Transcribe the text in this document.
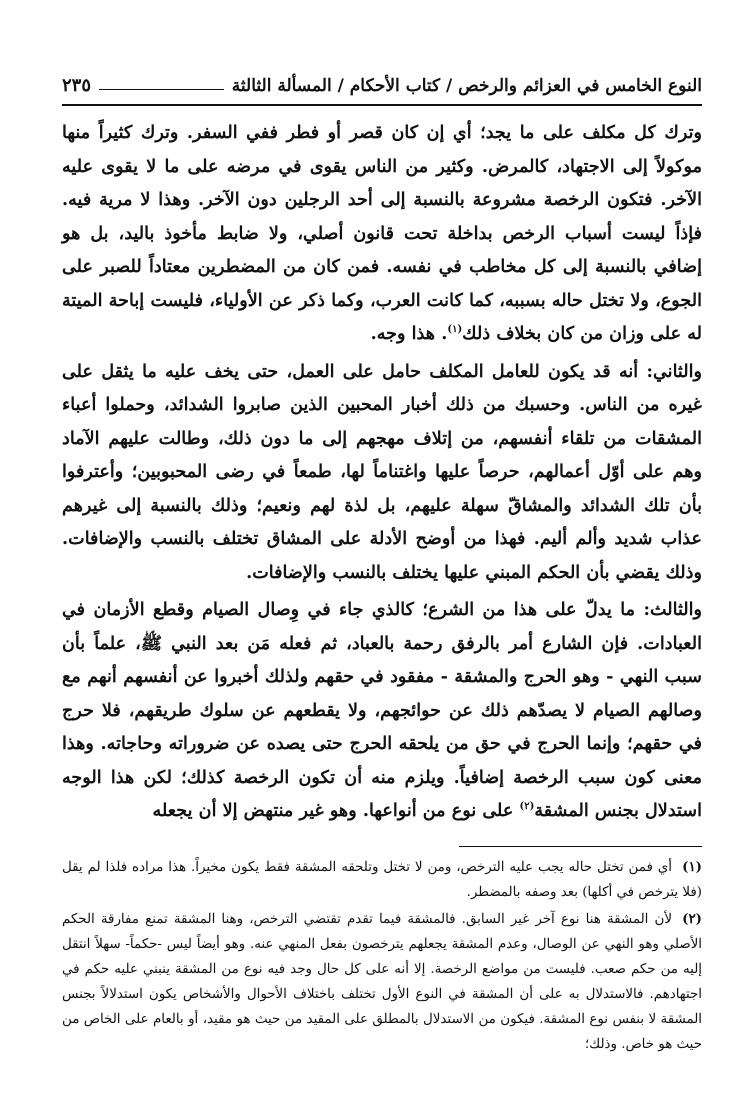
النوع الخامس في العزائم والرخص / كتاب الأحكام / المسألة الثالثة
٢٣٥

وترك كل مكلف على ما يجد؛ أي إن كان قصر أو فطر ففي السفر. وترك كثيراً منها موكولاً إلى الاجتهاد، كالمرض. وكثير من الناس يقوى في مرضه على ما لا يقوى عليه الآخر. فتكون الرخصة مشروعة بالنسبة إلى أحد الرجلين دون الآخر. وهذا لا مرية فيه. فإذاً ليست أسباب الرخص بداخلة تحت قانون أصلي، ولا ضابط مأخوذ باليد، بل هو إضافي بالنسبة إلى كل مخاطب في نفسه. فمن كان من المضطرين معتاداً للصبر على الجوع، ولا تختل حاله بسببه، كما كانت العرب، وكما ذكر عن الأولياء، فليست إباحة الميتة له على وزان من كان بخلاف ذلك$^{(١)}$. هذا وجه.

والثاني: أنه قد يكون للعامل المكلف حامل على العمل، حتى يخف عليه ما يثقل على غيره من الناس. وحسبك من ذلك أخبار المحبين الذين صابروا الشدائد، وحملوا أعباء المشقات من تلقاء أنفسهم، من إتلاف مهجهم إلى ما دون ذلك، وطالت عليهم الآماد وهم على أوّل أعمالهم، حرصاً عليها واغتناماً لها، طمعاً في رضى المحبوبين؛ وأعترفوا بأن تلك الشدائد والمشاقّ سهلة عليهم، بل لذة لهم ونعيم؛ وذلك بالنسبة إلى غيرهم عذاب شديد وألم أليم. فهذا من أوضح الأدلة على المشاق تختلف بالنسب والإضافات. وذلك يقضي بأن الحكم المبني عليها يختلف بالنسب والإضافات.

والثالث: ما يدلّ على هذا من الشرع؛ كالذي جاء في وِصال الصيام وقطع الأزمان في العبادات. فإن الشارع أمر بالرفق رحمة بالعباد، ثم فعله مَن بعد النبي ﷺ، علماً بأن سبب النهي - وهو الحرج والمشقة - مفقود في حقهم ولذلك أخبروا عن أنفسهم أنهم مع وصالهم الصيام لا يصدّهم ذلك عن حوائجهم، ولا يقطعهم عن سلوك طريقهم، فلا حرج في حقهم؛ وإنما الحرج في حق من يلحقه الحرج حتى يصده عن ضروراته وحاجاته. وهذا معنى كون سبب الرخصة إضافياً. ويلزم منه أن تكون الرخصة كذلك؛ لكن هذا الوجه استدلال بجنس المشقة$^{(٢)}$ على نوع من أنواعها. وهو غير منتهض إلا أن يجعله

(١)أي فمن تختل حاله يجب عليه الترخص، ومن لا تختل وتلحقه المشقة فقط يكون مخيراً. هذا مراده فلذا لم يقل (فلا يترخص في أكلها) بعد وصفه بالمضطر.

(٢)لأن المشقة هنا نوع آخر غير السابق. فالمشقة فيما تقدم تقتضي الترخص، وهنا المشقة تمنع مفارقة الحكم الأصلي وهو النهي عن الوصال، وعدم المشقة يجعلهم يترخصون بفعل المنهي عنه. وهو أيضاً ليس -حكماً- سهلاً انتقل إليه من حكم صعب. فليست من مواضع الرخصة. إلا أنه على كل حال وجد فيه نوع من المشقة ينبني عليه حكم في اجتهادهم. فالاستدلال به على أن المشقة في النوع الأول تختلف باختلاف الأحوال والأشخاص يكون استدلالاً بجنس المشقة لا بنفس نوع المشقة. فيكون من الاستدلال بالمطلق على المقيد من حيث هو مقيد، أو بالعام على الخاص من حيث هو خاص. وذلك؛
